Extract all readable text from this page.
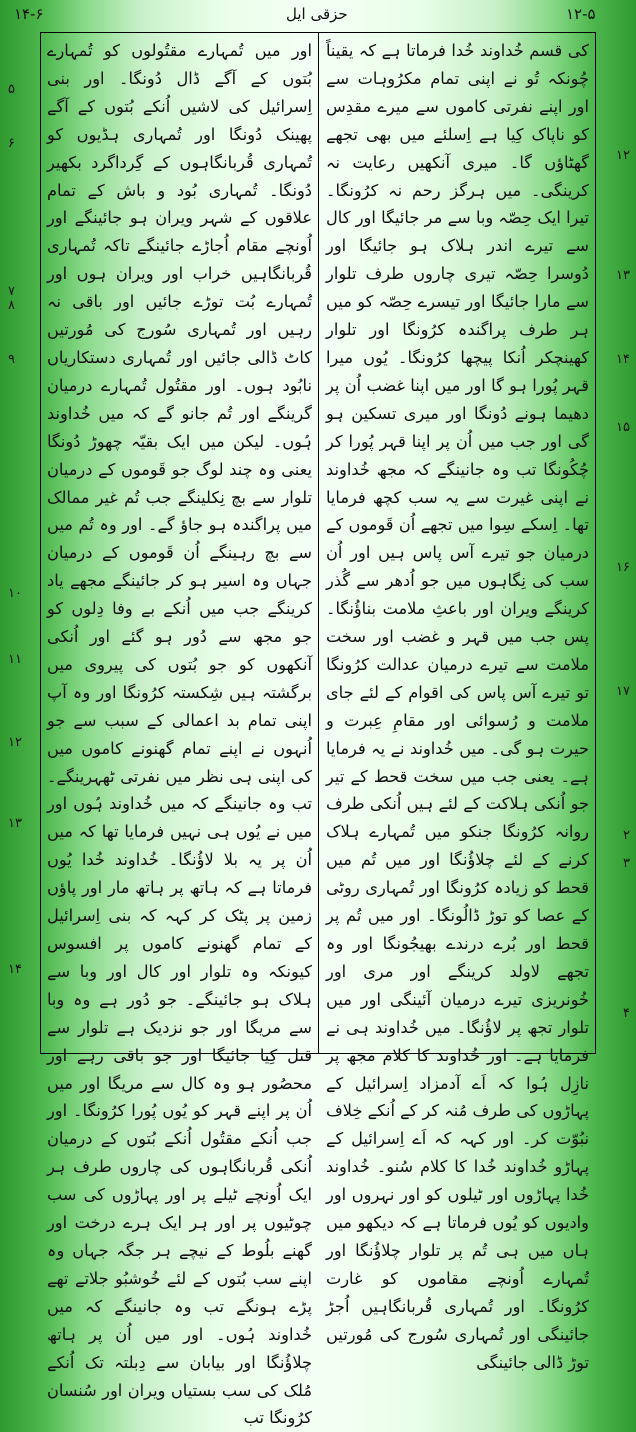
۱۴-۶	حزقی ایل	۱۲-۵

کی قسم خُداوند خُدا فرماتا ہے کہ یقیناً چُونکہ تُو نے اپنی تمام مکرُوہات سے اور اپنے نفرتی کاموں سے میرے مقدِس کو ناپاک کِیا ہے اِسلئے میں بھی تجھے گھٹاؤں گا۔ میری آنکھیں رعایت نہ کرینگی۔ میں ہرگز رحم نہ کرُونگا۔ تیرا ایک حِصّہ وبا سے مر جائیگا اور کال سے تیرے اندر ہلاک ہو جائیگا اور دُوسرا حِصّہ تیری چاروں طرف تلوار سے مارا جائیگا اور تیسرے حِصّہ کو میں ہر طرف پراگندہ کرُونگا اور تلوار کھینچکر اُنکا پیچھا کرُونگا۔ یُوں میرا قہر پُورا ہو گا اور میں اپنا غضب اُن پر دھیما ہونے دُونگا اور میری تسکین ہو گی اور جب میں اُن پر اپنا قہر پُورا کر چُکُونگا تب وہ جانینگے کہ مجھ خُداوند نے اپنی غیرت سے یہ سب کچھ فرمایا تھا۔ اِسکے سِوا میں تجھے اُن قَوموں کے درمیان جو تیرے آس پاس ہیں اور اُن سب کی نِگاہوں میں جو اُدھر سے گُذر کرینگے ویران اور باعثِ ملامت بناؤُنگا۔ پس جب میں قہر و غضب اور سخت ملامت سے تیرے درمیان عدالت کرُونگا تو تیرے آس پاس کی اقوام کے لئے جای ملامت و رُسوائی اور مقامِ عِبرت و حیرت ہو گی۔ میں خُداوند نے یہ فرمایا ہے۔ یعنی جب میں سخت قحط کے تیر جو اُنکی ہلاکت کے لئے ہیں اُنکی طرف روانہ کرُونگا جنکو میں تُمہارے ہلاک کرنے کے لئے چلاؤُنگا اور میں تُم میں قحط کو زیادہ کرُونگا اور تُمہاری روٹی کے عصا کو توڑ ڈالُونگا۔ اور میں تُم پر قحط اور بُرے درندے بھیجُونگا اور وہ تجھے لاولد کرینگے اور مری اور خُونریزی تیرے درمیان آئینگی اور میں تلوار تجھ پر لاؤُنگا۔ میں خُداوند ہی نے فرمایا ہے۔ اور خُداوند کا کلام مجھ پر نازِل ہُوا کہ اَے آدمزاد اِسرائیل کے پہاڑوں کی طرف مُنہ کر کے اُنکے خِلاف نبُوّت کر۔ اور کہہ کہ اَے اِسرائیل کے پہاڑو خُداوند خُدا کا کلام سُنو۔ خُداوند خُدا پہاڑوں اور ٹیلوں کو اور نہروں اور وادیوں کو یُوں فرماتا ہے کہ دیکھو میں ہاں میں ہی تُم پر تلوار چلاؤُنگا اور تُمہارے اُونچے مقاموں کو غارت کرُونگا۔ اور تُمہاری قُربانگاہیں اُجڑ جائینگی اور تُمہاری سُورج کی مُورتیں توڑ ڈالی جائینگی

اور میں تُمہارے مقتُولوں کو تُمہارے بُتوں کے آگے ڈال دُونگا۔ اور بنی اِسرائیل کی لاشیں اُنکے بُتوں کے آگے پھینک دُونگا اور تُمہاری ہڈیوں کو تُمہاری قُربانگاہوں کے گِرداگرد بکھیر دُونگا۔ تُمہاری بُود و باش کے تمام علاقوں کے شہر ویران ہو جائینگے اور اُونچے مقام اُجاڑے جائینگے تاکہ تُمہاری قُربانگاہیں خراب اور ویران ہوں اور تُمہارے بُت توڑے جائیں اور باقی نہ رہیں اور تُمہاری سُورج کی مُورتیں کاٹ ڈالی جائیں اور تُمہاری دستکاریاں نابُود ہوں۔ اور مقتُول تُمہارے درمیان گرینگے اور تُم جانو گے کہ میں خُداوند ہُوں۔ لیکن میں ایک بقیّہ چھوڑ دُونگا یعنی وہ چند لوگ جو قَوموں کے درمیان تلوار سے بچ نِکلینگے جب تُم غیر ممالک میں پراگندہ ہو جاؤ گے۔ اور وہ تُم میں سے بچ رہینگے اُن قَوموں کے درمیان جہاں وہ اسیر ہو کر جائینگے مجھے یاد کرینگے جب میں اُنکے بے وفا دِلوں کو جو مجھ سے دُور ہو گئے اور اُنکی آنکھوں کو جو بُتوں کی پیروی میں برگشتہ ہیں شِکستہ کرُونگا اور وہ آپ اپنی تمام بد اعمالی کے سبب سے جو اُنہوں نے اپنے تمام گھنونے کاموں میں کی اپنی ہی نظر میں نفرتی ٹھہرینگے۔ تب وہ جانینگے کہ میں خُداوند ہُوں اور میں نے یُوں ہی نہیں فرمایا تھا کہ میں اُن پر یہ بلا لاؤُنگا۔ خُداوند خُدا یُوں فرماتا ہے کہ ہاتھ پر ہاتھ مار اور پاؤں زمین پر پٹک کر کہہ کہ بنی اِسرائیل کے تمام گھنونے کاموں پر افسوس کیونکہ وہ تلوار اور کال اور وبا سے ہلاک ہو جائینگے۔ جو دُور ہے وہ وبا سے مریگا اور جو نزدیک ہے تلوار سے قتل کِیا جائیگا اور جو باقی رہے اور محصُور ہو وہ کال سے مریگا اور میں اُن پر اپنے قہر کو یُوں پُورا کرُونگا۔ اور جب اُنکے مقتُول اُنکے بُتوں کے درمیان اُنکی قُربانگاہوں کی چاروں طرف ہر ایک اُونچے ٹیلے پر اور پہاڑوں کی سب چوٹیوں پر اور ہر ایک ہرے درخت اور گھنے بلُوط کے نیچے ہر جگہ جہاں وہ اپنے سب بُتوں کے لئے خُوشبُو جلاتے تھے پڑے ہونگے تب وہ جانینگے کہ میں خُداوند ہُوں۔ اور میں اُن پر ہاتھ چلاؤُنگا اور بیابان سے دِبلتہ تک اُنکے مُلک کی سب بستیاں ویران اور سُنسان کرُونگا تب

۵
۶
۷
۸
۹
۱۰
۱۱
۱۲
۱۳
۱۴
۱۲
۱۳
۱۴
۱۵
۱۶
۱۷
۲
۳
۴
